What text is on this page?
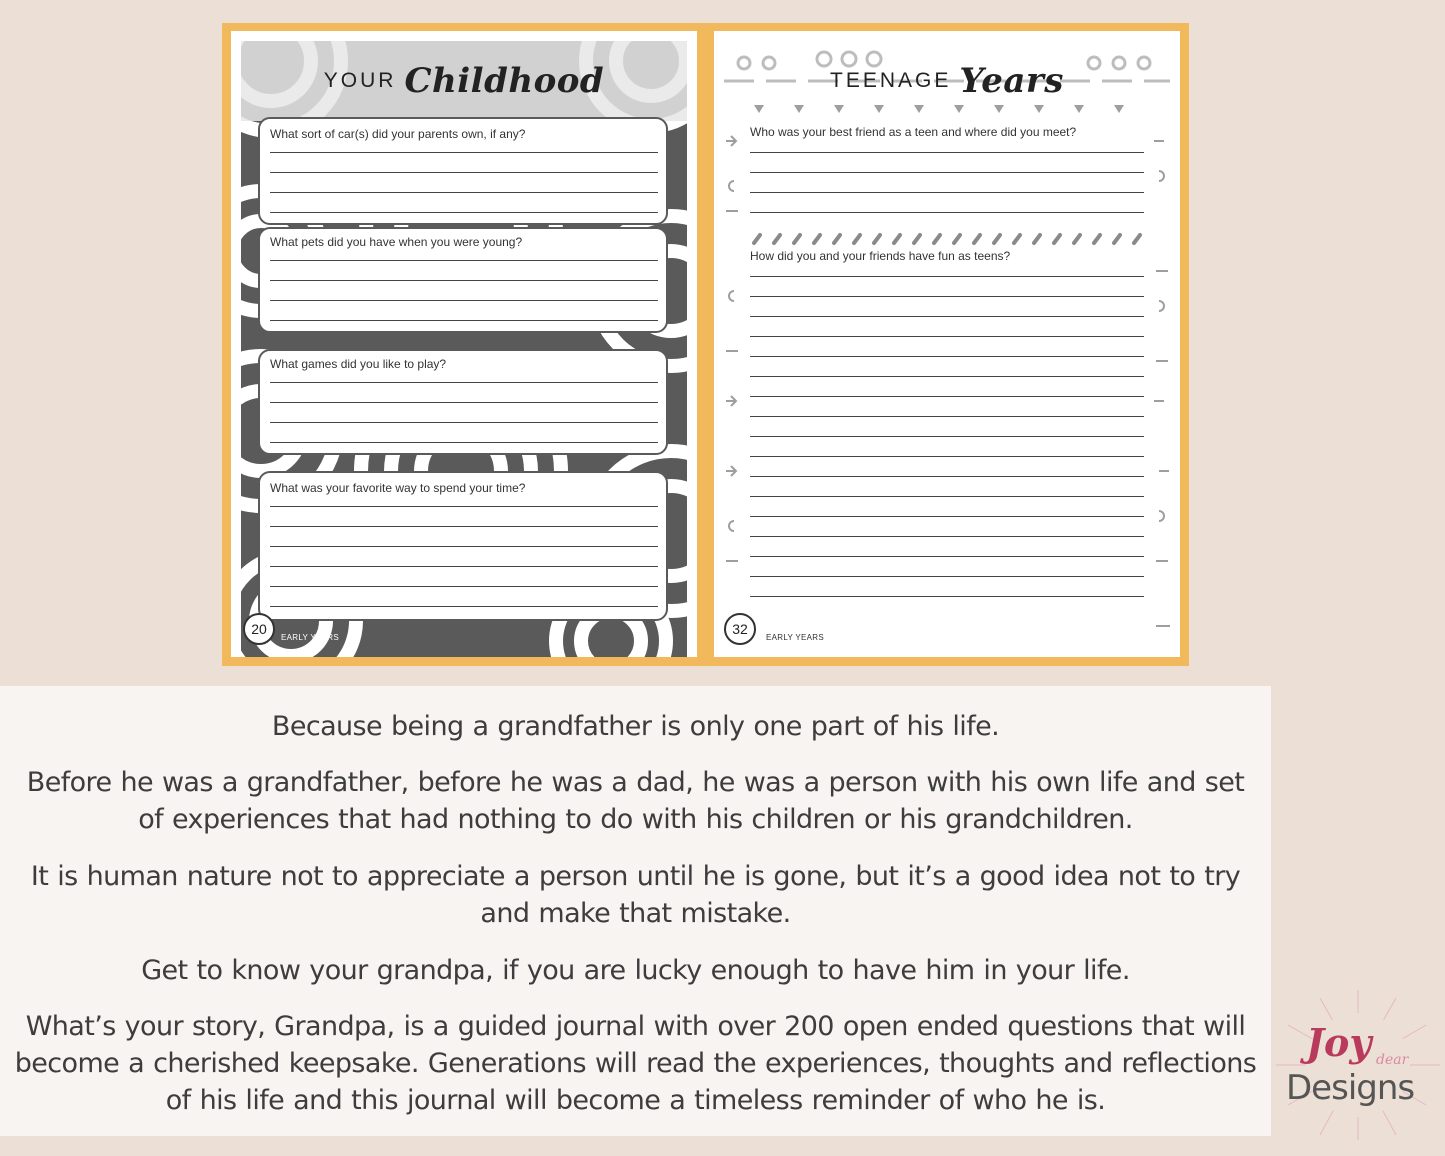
YOUR Childhood
What sort of car(s) did your parents own, if any?
What pets did you have when you were young?
What games did you like to play?
What was your favorite way to spend your time?
20
EARLY YEARS
TEENAGE Years
Who was your best friend as a teen and where did you meet?
How did you and your friends have fun as teens?
32
EARLY YEARS

Because being a grandfather is only one part of his life.

Before he was a grandfather, before he was a dad, he was a person with his own life and set of experiences that had nothing to do with his children or his grandchildren.

It is human nature not to appreciate a person until he is gone, but it’s a good idea not to try and make that mistake.

Get to know your grandpa, if you are lucky enough to have him in your life.

What’s your story, Grandpa, is a guided journal with over 200 open ended questions that will become a cherished keepsake. Generations will read the experiences, thoughts and reflections of his life and this journal will become a timeless reminder of who he is.

Joy dear
Designs
